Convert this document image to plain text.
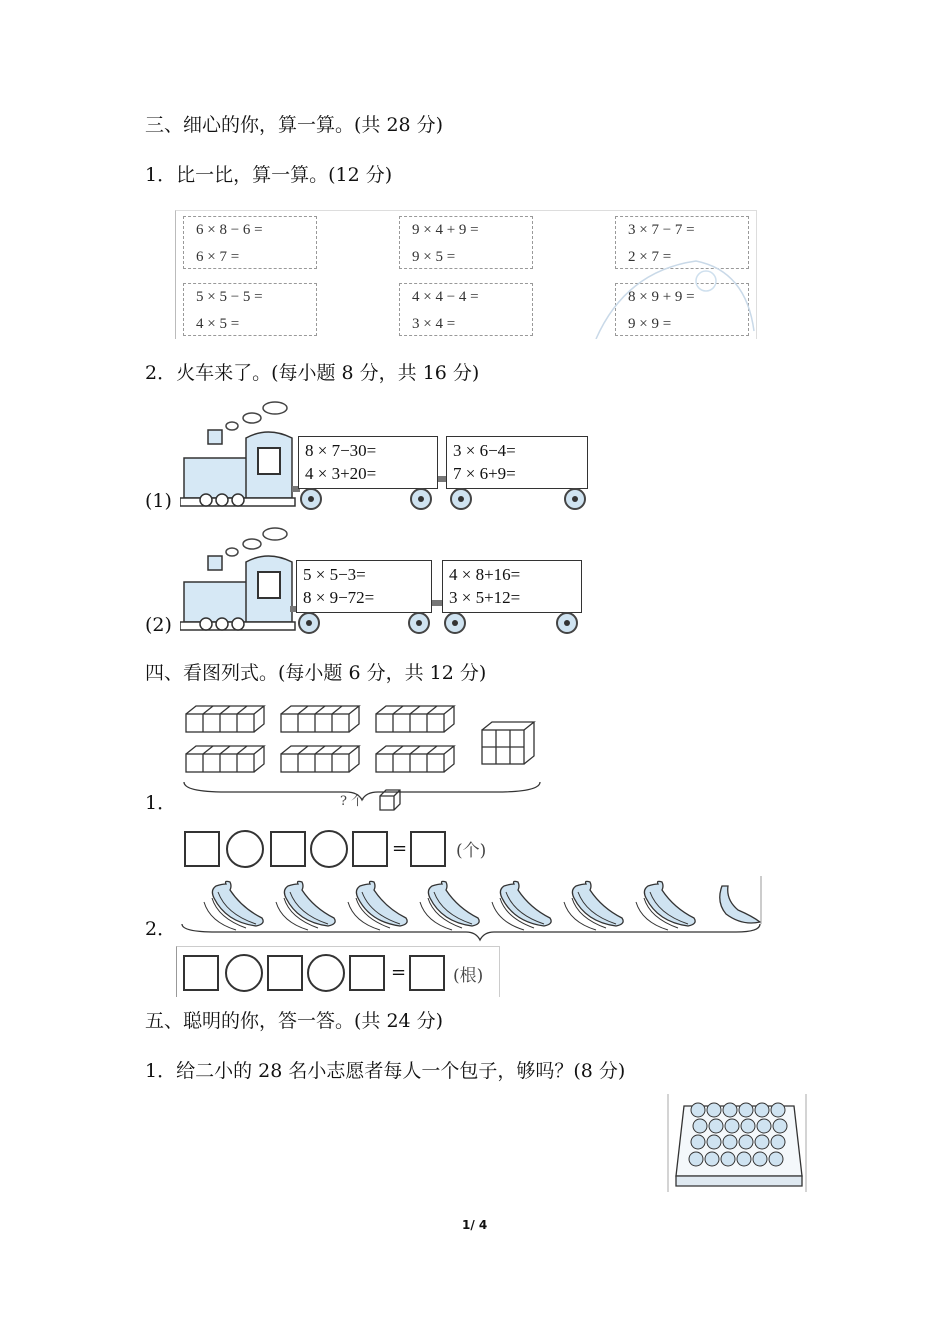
三、细心的你，算一算。(共 28 分)
1．比一比，算一算。(12 分)
6 × 8 − 6 =
6 × 7 =
9 × 4 + 9 =
9 × 5 =
3 × 7 − 7 =
2 × 7 =
5 × 5 − 5 =
4 × 5 =
4 × 4 − 4 =
3 × 4 =
8 × 9 + 9 =
9 × 9 =
2．火车来了。(每小题 8 分，共 16 分)
(1)
8 × 7−30=
4 × 3+20=
3 × 6−4=
7 × 6+9=
(2)
5 × 5−3=
8 × 9−72=
4 × 8+16=
3 × 5+12=
四、看图列式。(每小题 6 分，共 12 分)
1．	? 个
=	(个)
2．
=	(根)
五、聪明的你，答一答。(共 24 分)
1．给二小的 28 名小志愿者每人一个包子，够吗？(8 分)
1/ 4
